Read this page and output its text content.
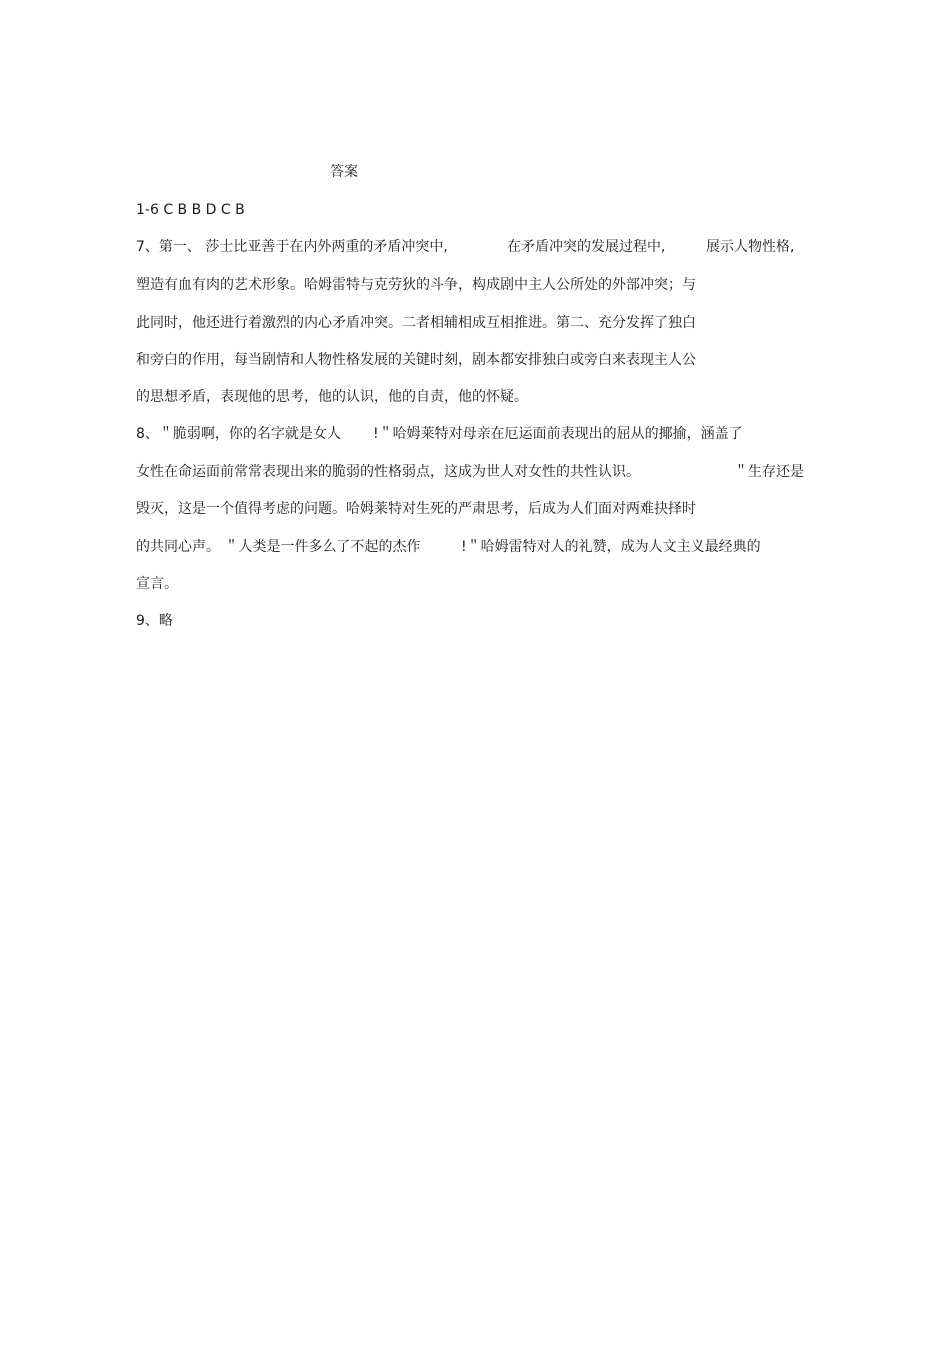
答案
1-6 C B B D C B
7、第一、 莎士比亚善于在内外两重的矛盾冲突中,	在矛盾冲突的发展过程中,	展示人物性格,
塑造有血有肉的艺术形象。哈姆雷特与克劳狄的斗争，构成剧中主人公所处的外部冲突；与
此同时，他还进行着激烈的内心矛盾冲突。二者相辅相成互相推进。第二、充分发挥了独白
和旁白的作用，每当剧情和人物性格发展的关键时刻，剧本都安排独白或旁白来表现主人公
的思想矛盾，表现他的思考，他的认识，他的自责，他的怀疑。
8、＂脆弱啊，你的名字就是女人 !＂哈姆莱特对母亲在厄运面前表现出的屈从的揶揄，涵盖了
女性在命运面前常常表现出来的脆弱的性格弱点，这成为世人对女性的共性认识。	＂生存还是
毁灭，这是一个值得考虑的问题。哈姆莱特对生死的严肃思考，后成为人们面对两难抉择时
的共同心声。 ＂人类是一件多么了不起的杰作	!＂哈姆雷特对人的礼赞，成为人文主义最经典的
宣言。
9、略
